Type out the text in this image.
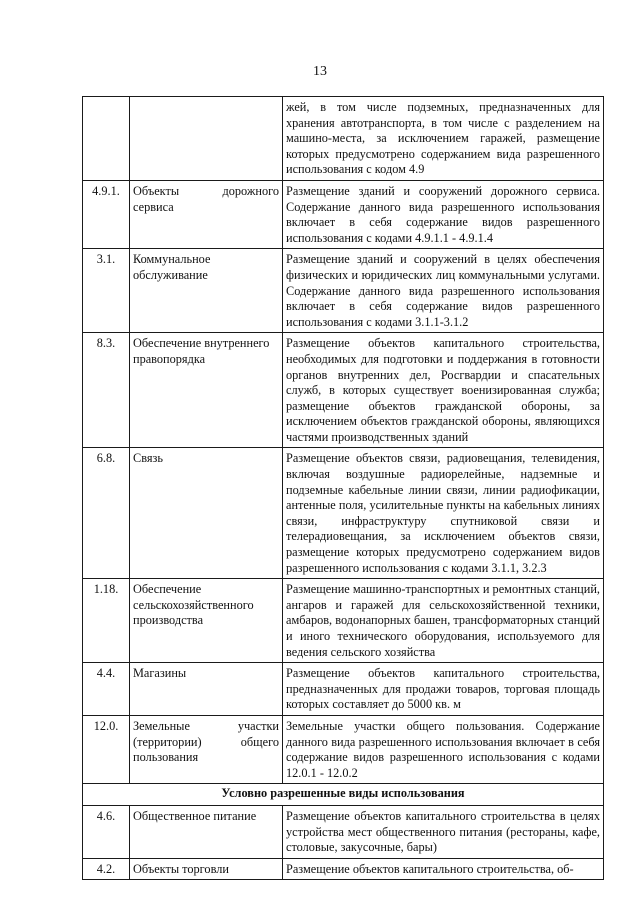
13
		жей, в том числе подземных, предназначенных для хранения автотранспорта, в том числе с разделением на машино-места, за исключением гаражей, размещение которых предусмотрено содержанием вида разрешенного использования с кодом 4.9
4.9.1.	Объекты дорожного сервиса	Размещение зданий и сооружений дорожного сервиса. Содержание данного вида разрешенного использования включает в себя содержание видов разрешенного использования с кодами 4.9.1.1 - 4.9.1.4
3.1.	Коммунальное обслуживание	Размещение зданий и сооружений в целях обеспечения физических и юридических лиц коммунальными услугами. Содержание данного вида разрешенного использования включает в себя содержание видов разрешенного использования с кодами 3.1.1-3.1.2
8.3.	Обеспечение внутреннего правопорядка	Размещение объектов капитального строительства, необходимых для подготовки и поддержания в готовности органов внутренних дел, Росгвардии и спасательных служб, в которых существует военизированная служба; размещение объектов гражданской обороны, за исключением объектов гражданской обороны, являющихся частями производственных зданий
6.8.	Связь	Размещение объектов связи, радиовещания, телевидения, включая воздушные радиорелейные, надземные и подземные кабельные линии связи, линии радиофикации, антенные поля, усилительные пункты на кабельных линиях связи, инфраструктуру спутниковой связи и телерадиовещания, за исключением объектов связи, размещение которых предусмотрено содержанием видов разрешенного использования с кодами 3.1.1, 3.2.3
1.18.	Обеспечение сельскохозяйственного производства	Размещение машинно-транспортных и ремонтных станций, ангаров и гаражей для сельскохозяйственной техники, амбаров, водонапорных башен, трансформаторных станций и иного технического оборудования, используемого для ведения сельского хозяйства
4.4.	Магазины	Размещение объектов капитального строительства, предназначенных для продажи товаров, торговая площадь которых составляет до 5000 кв. м
12.0.	Земельные участки (территории) общего пользования	Земельные участки общего пользования. Содержание данного вида разрешенного использования включает в себя содержание видов разрешенного использования с кодами 12.0.1 - 12.0.2
Условно разрешенные виды использования		
4.6.	Общественное питание	Размещение объектов капитального строительства в целях устройства мест общественного питания (рестораны, кафе, столовые, закусочные, бары)
4.2.	Объекты торговли	Размещение объектов капитального строительства, об-
